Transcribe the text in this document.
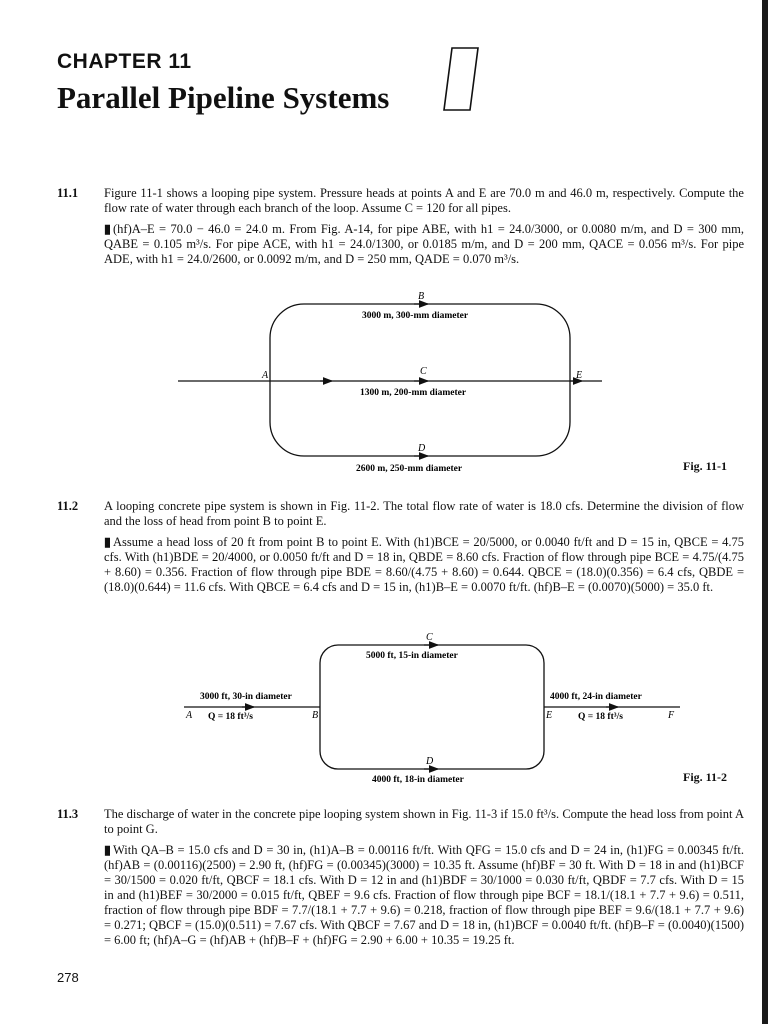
CHAPTER 11
Parallel Pipeline Systems
11.1 Figure 11-1 shows a looping pipe system. Pressure heads at points A and E are 70.0 m and 46.0 m, respectively. Compute the flow rate of water through each branch of the loop. Assume C = 120 for all pipes.

▮ (hf)A–E = 70.0 − 46.0 = 24.0 m. From Fig. A-14, for pipe ABE, with h1 = 24.0/3000, or 0.0080 m/m, and D = 300 mm, QABE = 0.105 m³/s. For pipe ACE, with h1 = 24.0/1300, or 0.0185 m/m, and D = 200 mm, QACE = 0.056 m³/s. For pipe ADE, with h1 = 24.0/2600, or 0.0092 m/m, and D = 250 mm, QADE = 0.070 m³/s.

B
C
D
A	E
3000 m, 300-mm diameter
1300 m, 200-mm diameter
2600 m, 250-mm diameter	Fig. 11-1
11.2 A looping concrete pipe system is shown in Fig. 11-2. The total flow rate of water is 18.0 cfs. Determine the division of flow and the loss of head from point B to point E.

▮ Assume a head loss of 20 ft from point B to point E. With (h1)BCE = 20/5000, or 0.0040 ft/ft and D = 15 in, QBCE = 4.75 cfs. With (h1)BDE = 20/4000, or 0.0050 ft/ft and D = 18 in, QBDE = 8.60 cfs. Fraction of flow through pipe BCE = 4.75/(4.75 + 8.60) = 0.356. Fraction of flow through pipe BDE = 8.60/(4.75 + 8.60) = 0.644. QBCE = (18.0)(0.356) = 6.4 cfs, QBDE = (18.0)(0.644) = 11.6 cfs. With QBCE = 6.4 cfs and D = 15 in, (h1)B–E = 0.0070 ft/ft. (hf)B–E = (0.0070)(5000) = 35.0 ft.

C
D
A	B	E	F
5000 ft, 15-in diameter
3000 ft, 30-in diameter	4000 ft, 24-in diameter
Q = 18 ft³/s	Q = 18 ft³/s
4000 ft, 18-in diameter	Fig. 11-2
11.3 The discharge of water in the concrete pipe looping system shown in Fig. 11-3 if 15.0 ft³/s. Compute the head loss from point A to point G.

▮ With QA–B = 15.0 cfs and D = 30 in, (h1)A–B = 0.00116 ft/ft. With QFG = 15.0 cfs and D = 24 in, (h1)FG = 0.00345 ft/ft. (hf)AB = (0.00116)(2500) = 2.90 ft, (hf)FG = (0.00345)(3000) = 10.35 ft. Assume (hf)BF = 30 ft. With D = 18 in and (h1)BCF = 30/1500 = 0.020 ft/ft, QBCF = 18.1 cfs. With D = 12 in and (h1)BDF = 30/1000 = 0.030 ft/ft, QBDF = 7.7 cfs. With D = 15 in and (h1)BEF = 30/2000 = 0.015 ft/ft, QBEF = 9.6 cfs. Fraction of flow through pipe BCF = 18.1/(18.1 + 7.7 + 9.6) = 0.511, fraction of flow through pipe BDF = 7.7/(18.1 + 7.7 + 9.6) = 0.218, fraction of flow through pipe BEF = 9.6/(18.1 + 7.7 + 9.6) = 0.271; QBCF = (15.0)(0.511) = 7.67 cfs. With QBCF = 7.67 and D = 18 in, (h1)BCF = 0.0040 ft/ft. (hf)B–F = (0.0040)(1500) = 6.00 ft; (hf)A–G = (hf)AB + (hf)B–F + (hf)FG = 2.90 + 6.00 + 10.35 = 19.25 ft.

278
